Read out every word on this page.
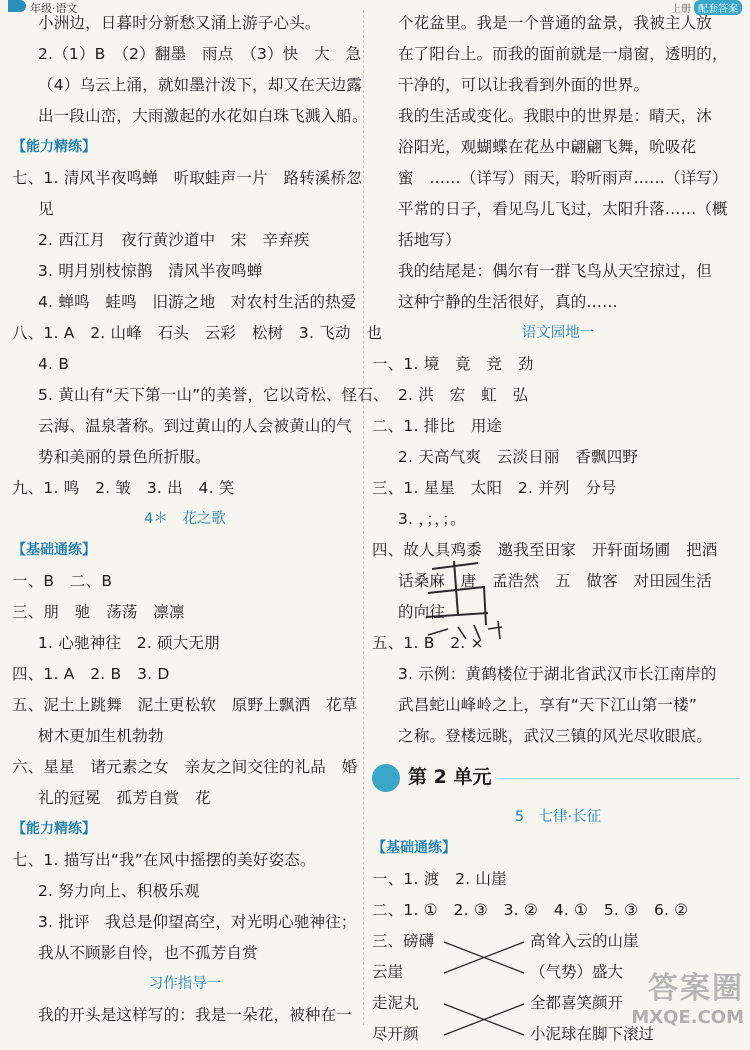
年级·语文	上册 配套答案
小洲边，日暮时分新愁又涌上游子心头。
2.（1）B　（2）翻墨　雨点　（3）快　大　急
（4）乌云上涌，就如墨汁泼下，却又在天边露
出一段山峦，大雨激起的水花如白珠飞溅入船。
【能力精练】
七、1. 清风半夜鸣蝉　听取蛙声一片　路转溪桥忽
见
2. 西江月　夜行黄沙道中　宋　辛弃疾
3. 明月别枝惊鹊　清风半夜鸣蝉
4. 蝉鸣　蛙鸣　旧游之地　对农村生活的热爱
八、1. A　2. 山峰　石头　云彩　松树　3. 飞动　也
4. B
5. 黄山有“天下第一山”的美誉，它以奇松、怪石、
云海、温泉著称。到过黄山的人会被黄山的气
势和美丽的景色所折服。
九、1. 鸣　2. 皱　3. 出　4. 笑
4＊　花之歌
【基础通练】
一、B　二、B
三、朋　驰　荡荡　凛凛
1. 心驰神往　2. 硕大无朋
四、1. A　2. B　3. D
五、泥土上跳舞　泥土更松软　原野上飘洒　花草
树木更加生机勃勃
六、星星　诸元素之女　亲友之间交往的礼品　婚
礼的冠冕　孤芳自赏　花
【能力精练】
七、1. 描写出“我”在风中摇摆的美好姿态。
2. 努力向上、积极乐观
3. 批评　我总是仰望高空，对光明心驰神往；
我从不顾影自怜，也不孤芳自赏
习作指导一
我的开头是这样写的：我是一朵花，被种在一
个花盆里。我是一个普通的盆景，我被主人放
在了阳台上。而我的面前就是一扇窗，透明的，
干净的，可以让我看到外面的世界。
我的生活或变化。我眼中的世界是：晴天，沐
浴阳光，观蝴蝶在花丛中翩翩飞舞，吮吸花
蜜　……（详写）雨天，聆听雨声……（详写）
平常的日子，看见鸟儿飞过，太阳升落……（概
括地写）
我的结尾是：偶尔有一群飞鸟从天空掠过，但
这种宁静的生活很好，真的……
语文园地一
一、1. 境　竟　竞　劲
2. 洪　宏　虹　弘
二、1. 排比　用途
2. 天高气爽　云淡日丽　香飘四野
三、1. 星星　太阳　2. 并列　分号
3. ，；，；。
四、故人具鸡黍　邀我至田家　开轩面场圃　把酒
话桑麻　唐　孟浩然　五　做客　对田园生活
的向往
五、1. B　2. ×
3. 示例：黄鹤楼位于湖北省武汉市长江南岸的
武昌蛇山峰岭之上，享有“天下江山第一楼”
之称。登楼远眺，武汉三镇的风光尽收眼底。
第 2 单元
5　七律·长征
【基础通练】
一、1. 渡　2. 山崖
二、1. ①　2. ③　3. ②　4. ①　5. ③　6. ②
三、磅礴
云崖
走泥丸
尽开颜
高耸入云的山崖
（气势）盛大
全都喜笑颜开
小泥球在脚下滚过
答案圈
MXQE.COM
